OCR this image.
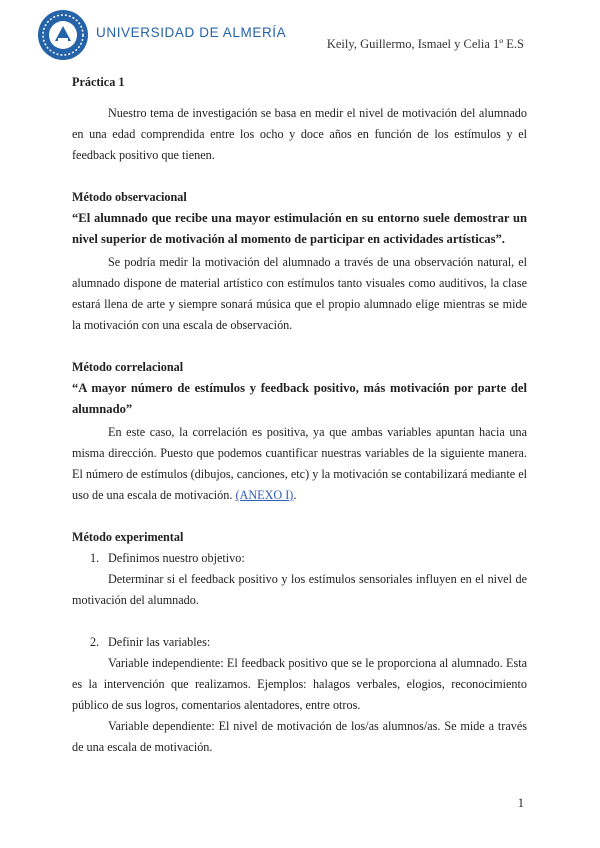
UNIVERSIDAD DE ALMERÍA
Keily, Guillermo, Ismael y Celia 1º E.S

Práctica 1

Nuestro tema de investigación se basa en medir el nivel de motivación del alumnado en una edad comprendida entre los ocho y doce años en función de los estímulos y el feedback positivo que tienen.

Método observacional

“El alumnado que recibe una mayor estimulación en su entorno suele demostrar un nivel superior de motivación al momento de participar en actividades artísticas”.

Se podría medir la motivación del alumnado a través de una observación natural, el alumnado dispone de material artístico con estímulos tanto visuales como auditivos, la clase estará llena de arte y siempre sonará música que el propio alumnado elige mientras se mide la motivación con una escala de observación.

Método correlacional

“A mayor número de estímulos y feedback positivo, más motivación por parte del alumnado”

En este caso, la correlación es positiva, ya que ambas variables apuntan hacia una misma dirección. Puesto que podemos cuantificar nuestras variables de la siguiente manera. El número de estímulos (dibujos, canciones, etc) y la motivación se contabilizará mediante el uso de una escala de motivación. (ANEXO I).

Método experimental

1. Definimos nuestro objetivo:

Determinar si el feedback positivo y los estímulos sensoriales influyen en el nivel de motivación del alumnado.

2. Definir las variables:

Variable independiente: El feedback positivo que se le proporciona al alumnado. Esta es la intervención que realizamos. Ejemplos: halagos verbales, elogios, reconocimiento público de sus logros, comentarios alentadores, entre otros.

Variable dependiente: El nivel de motivación de los/as alumnos/as. Se mide a través de una escala de motivación.

1
